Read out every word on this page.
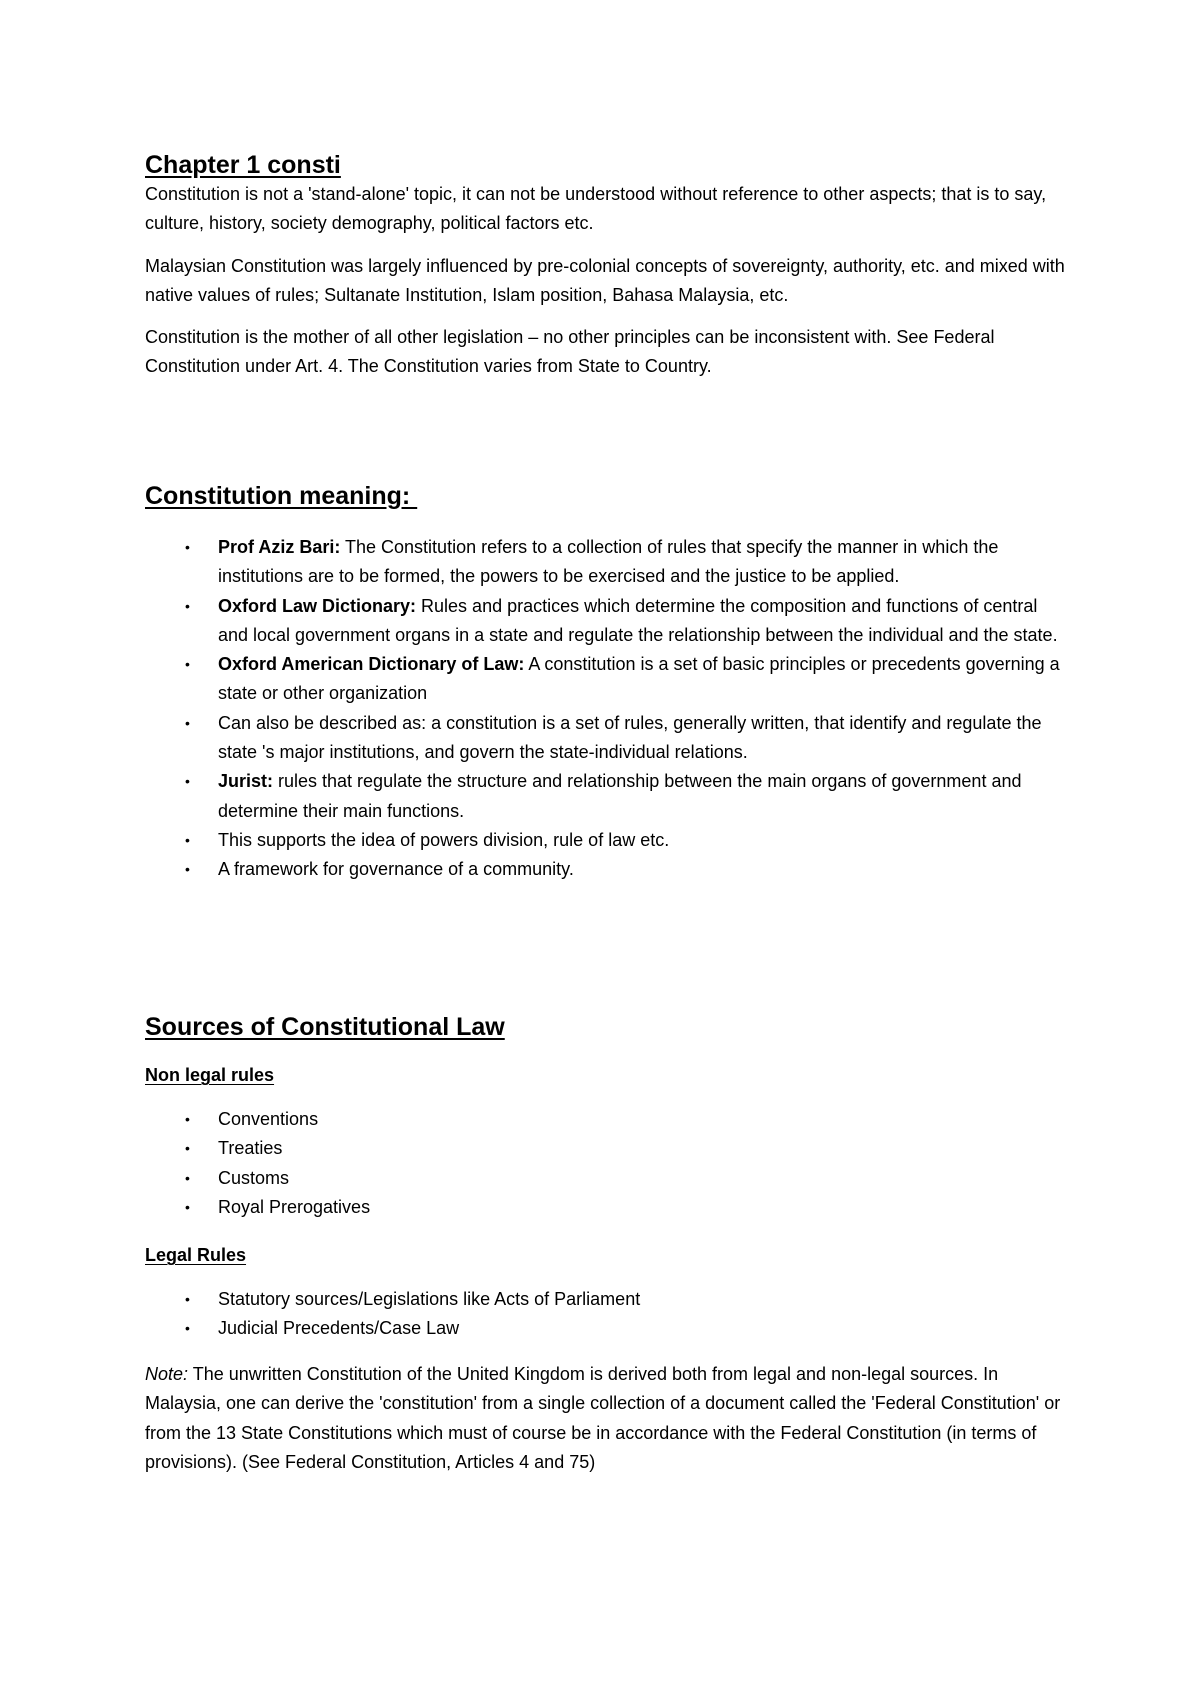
Chapter 1 consti

Constitution is not a 'stand-alone' topic, it can not be understood without reference to other aspects; that is to say, culture, history, society demography, political factors etc.

Malaysian Constitution was largely influenced by pre-colonial concepts of sovereignty, authority, etc. and mixed with native values of rules; Sultanate Institution, Islam position, Bahasa Malaysia, etc.

Constitution is the mother of all other legislation – no other principles can be inconsistent with. See Federal Constitution under Art. 4. The Constitution varies from State to Country.

Constitution meaning:
• Prof Aziz Bari: The Constitution refers to a collection of rules that specify the manner in which the institutions are to be formed, the powers to be exercised and the justice to be applied.
• Oxford Law Dictionary: Rules and practices which determine the composition and functions of central and local government organs in a state and regulate the relationship between the individual and the state.
• Oxford American Dictionary of Law: A constitution is a set of basic principles or precedents governing a state or other organization
• Can also be described as: a constitution is a set of rules, generally written, that identify and regulate the state 's major institutions, and govern the state-individual relations.
• Jurist: rules that regulate the structure and relationship between the main organs of government and determine their main functions.
• This supports the idea of powers division, rule of law etc.
• A framework for governance of a community.
Sources of Constitutional Law
Non legal rules
• Conventions
• Treaties
• Customs
• Royal Prerogatives
Legal Rules
• Statutory sources/Legislations like Acts of Parliament
• Judicial Precedents/Case Law

Note: The unwritten Constitution of the United Kingdom is derived both from legal and non-legal sources. In Malaysia, one can derive the 'constitution' from a single collection of a document called the 'Federal Constitution' or from the 13 State Constitutions which must of course be in accordance with the Federal Constitution (in terms of provisions). (See Federal Constitution, Articles 4 and 75)
